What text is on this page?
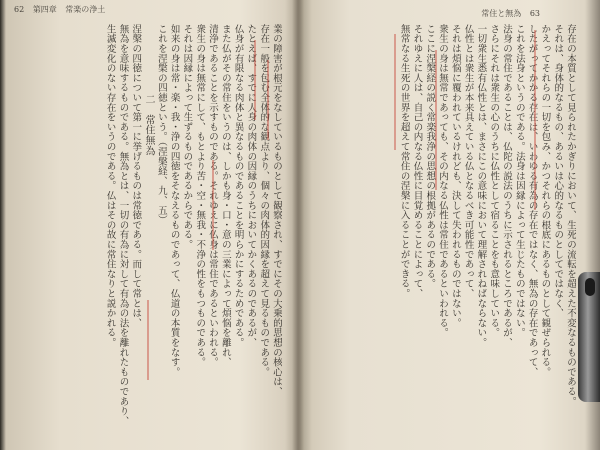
62 第四章 常楽の浄土	常住と無為 63
業の障害が根元をなしているものとして観察され、すでにその大乗的思想の核心は、
存在一般を包む全体的な観点より、個々の肉体的因縁を超えて見るものである。
たとえば、すでに人身の肉体の因縁のうちにおいてかくあるのであるが、
仏身が有限なる肉体と異なるものであることを明らかにするためである。
また仏がその常住をいうのは、しかも身・口・意の三業によって煩悩を離れ、
清浄であることを示すものである。それゆえに仏身は常住であるといわれる。
衆生の身は無常にして、もとより苦・空・無我・不浄の性をもつものである。
それは因縁によって生ずるものであるからである。
如来の身は常・楽・我・浄の四徳をそなえるものであって、仏道の本質をなす。
これを涅槃の四徳という。（涅槃経、九、五）
二　常住無為
涅槃の四徳について第一に挙げるものは常徳である。而して常とは、
無為を意味するものである。無為とは、一切の有為に対して有為の法を離れたものであり、
生滅変化のない存在をいうのである。仏はその故に常住なりと説かれる。	存在の本質として見られたかぎりにおいて、生死の流転を超えた不変なるものである。
それは、身体的なるもの、あるいは心的なるものとしてではなく、
かえってそれらの一切を包み、かつそれらの根底にあるものとして観ぜられる。
したがってかかる存在は、いわゆる有為の存在ではなく、無為の存在であって、
これを法身というのである。法身は因縁によって生じたものではない。
法身の常住であることは、仏陀の説法のうちに示されるところであるが、
さらにそれは衆生の心のうちに仏性として宿ることをも意味している。
一切衆生悉有仏性とは、まさにこの意味において理解されねばならない。
仏性とは衆生が本来具えている仏となるべき可能性であって、
それは煩悩に覆われているけれども、決して失われるものではない。
衆生の身は無常であっても、その内なる仏性は常住であるといわれる。
ここに涅槃経の説く常楽我浄の思想の根拠があるのである。
それゆえに人は、自己の内なる仏性に目覚めることによって、
無常なる生死の世界を超えて常住の涅槃に入ることができる。
